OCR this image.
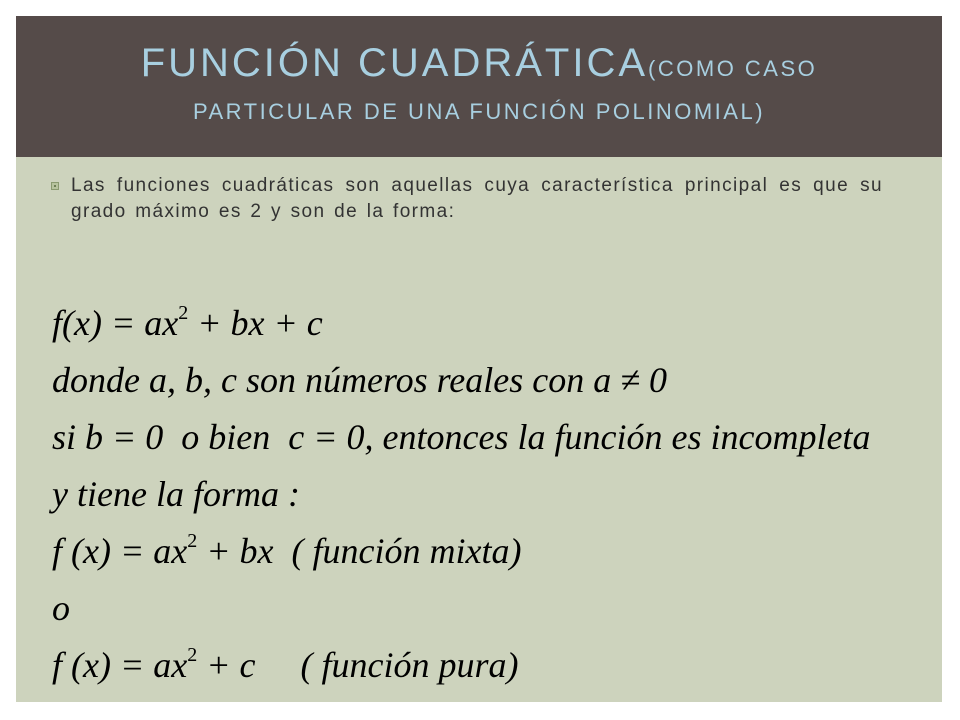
FUNCIÓN CUADRÁTICA(COMO CASO
PARTICULAR DE UNA FUNCIÓN POLINOMIAL)
Las funciones cuadráticas son aquellas cuya característica principal es que su grado máximo es 2 y son de la forma:
$f(x) = ax^2$ + bx + c
donde a, b, c son números reales con a ≠ 0
si b = 0  o bien  c = 0, entonces la función es incompleta
y tiene la forma :
f $(x) = ax^2$ + bx  ( función mixta)
o
f $(x) = ax^2 + c$     ( función pura)
